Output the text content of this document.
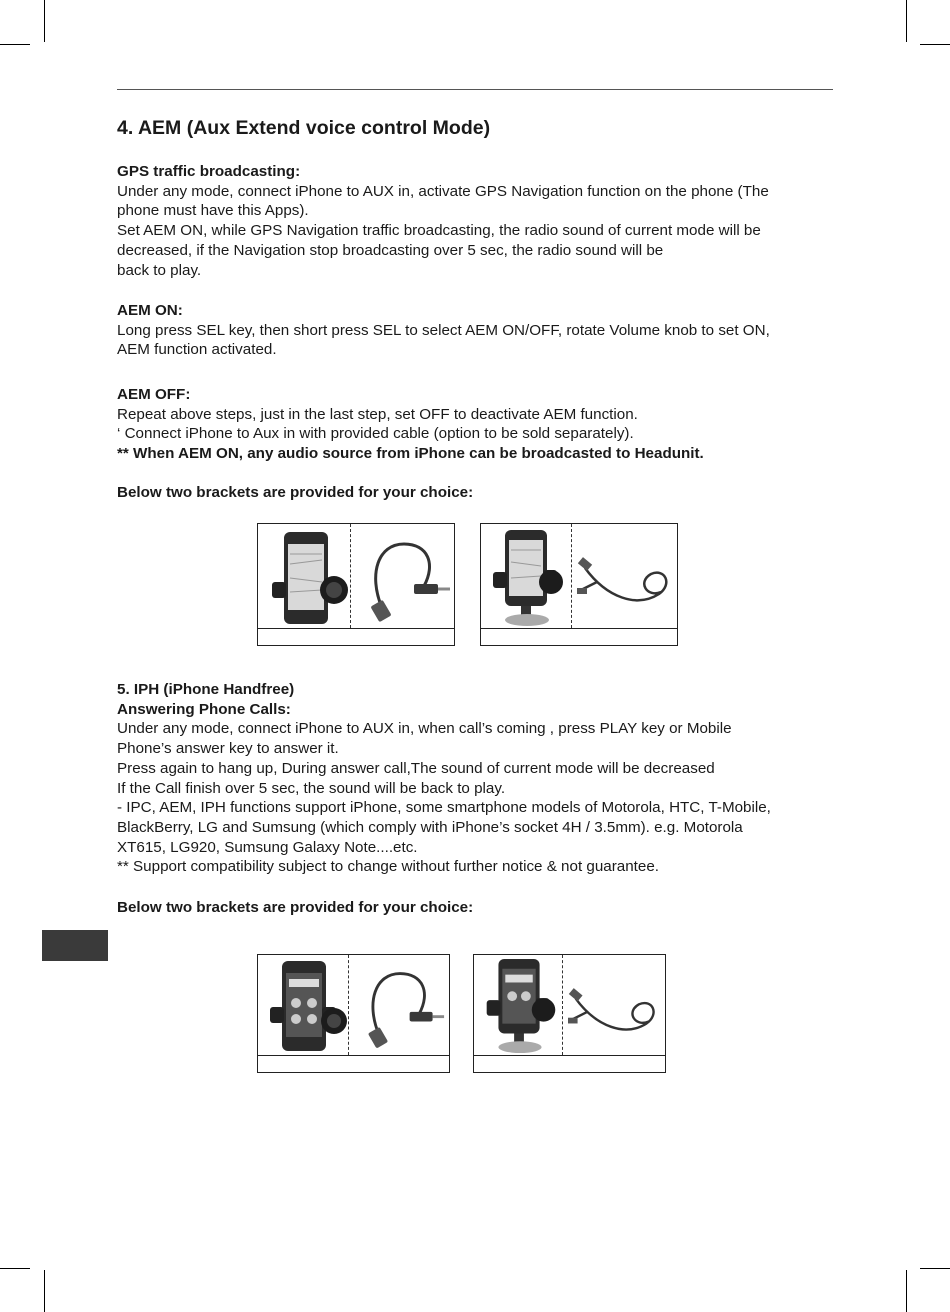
4. AEM (Aux Extend voice control Mode)
GPS traffic broadcasting:
Under any mode, connect iPhone to AUX in, activate GPS Navigation function on the phone (The
phone must have this Apps).
Set AEM ON, while GPS Navigation traffic broadcasting, the radio sound of current mode will be
decreased, if the Navigation stop broadcasting over 5 sec, the radio sound will be
back to play.
AEM ON:
Long press SEL key, then short press SEL to select AEM ON/OFF, rotate Volume knob to set ON,
AEM function activated.
AEM OFF:
Repeat above steps, just in the last step, set OFF to deactivate AEM function.
‘ Connect iPhone to Aux in with provided cable (option to be sold separately).
** When AEM ON, any audio source from iPhone can be broadcasted to Headunit.
Below two brackets are provided for your choice:
5. IPH (iPhone Handfree)
Answering Phone Calls:
Under any mode, connect iPhone to AUX in, when call’s coming , press PLAY key or Mobile
Phone’s answer key to answer it.
Press again to hang up, During answer call,The sound of current mode will be decreased
If the Call finish over 5 sec, the sound will be back to play.
- IPC, AEM, IPH functions support iPhone, some smartphone models of Motorola, HTC, T-Mobile,
BlackBerry, LG and Sumsung (which comply with iPhone’s socket 4H / 3.5mm). e.g. Motorola
XT615, LG920, Sumsung Galaxy Note....etc.
** Support compatibility subject to change without further notice & not guarantee.
Below two brackets are provided for your choice:
